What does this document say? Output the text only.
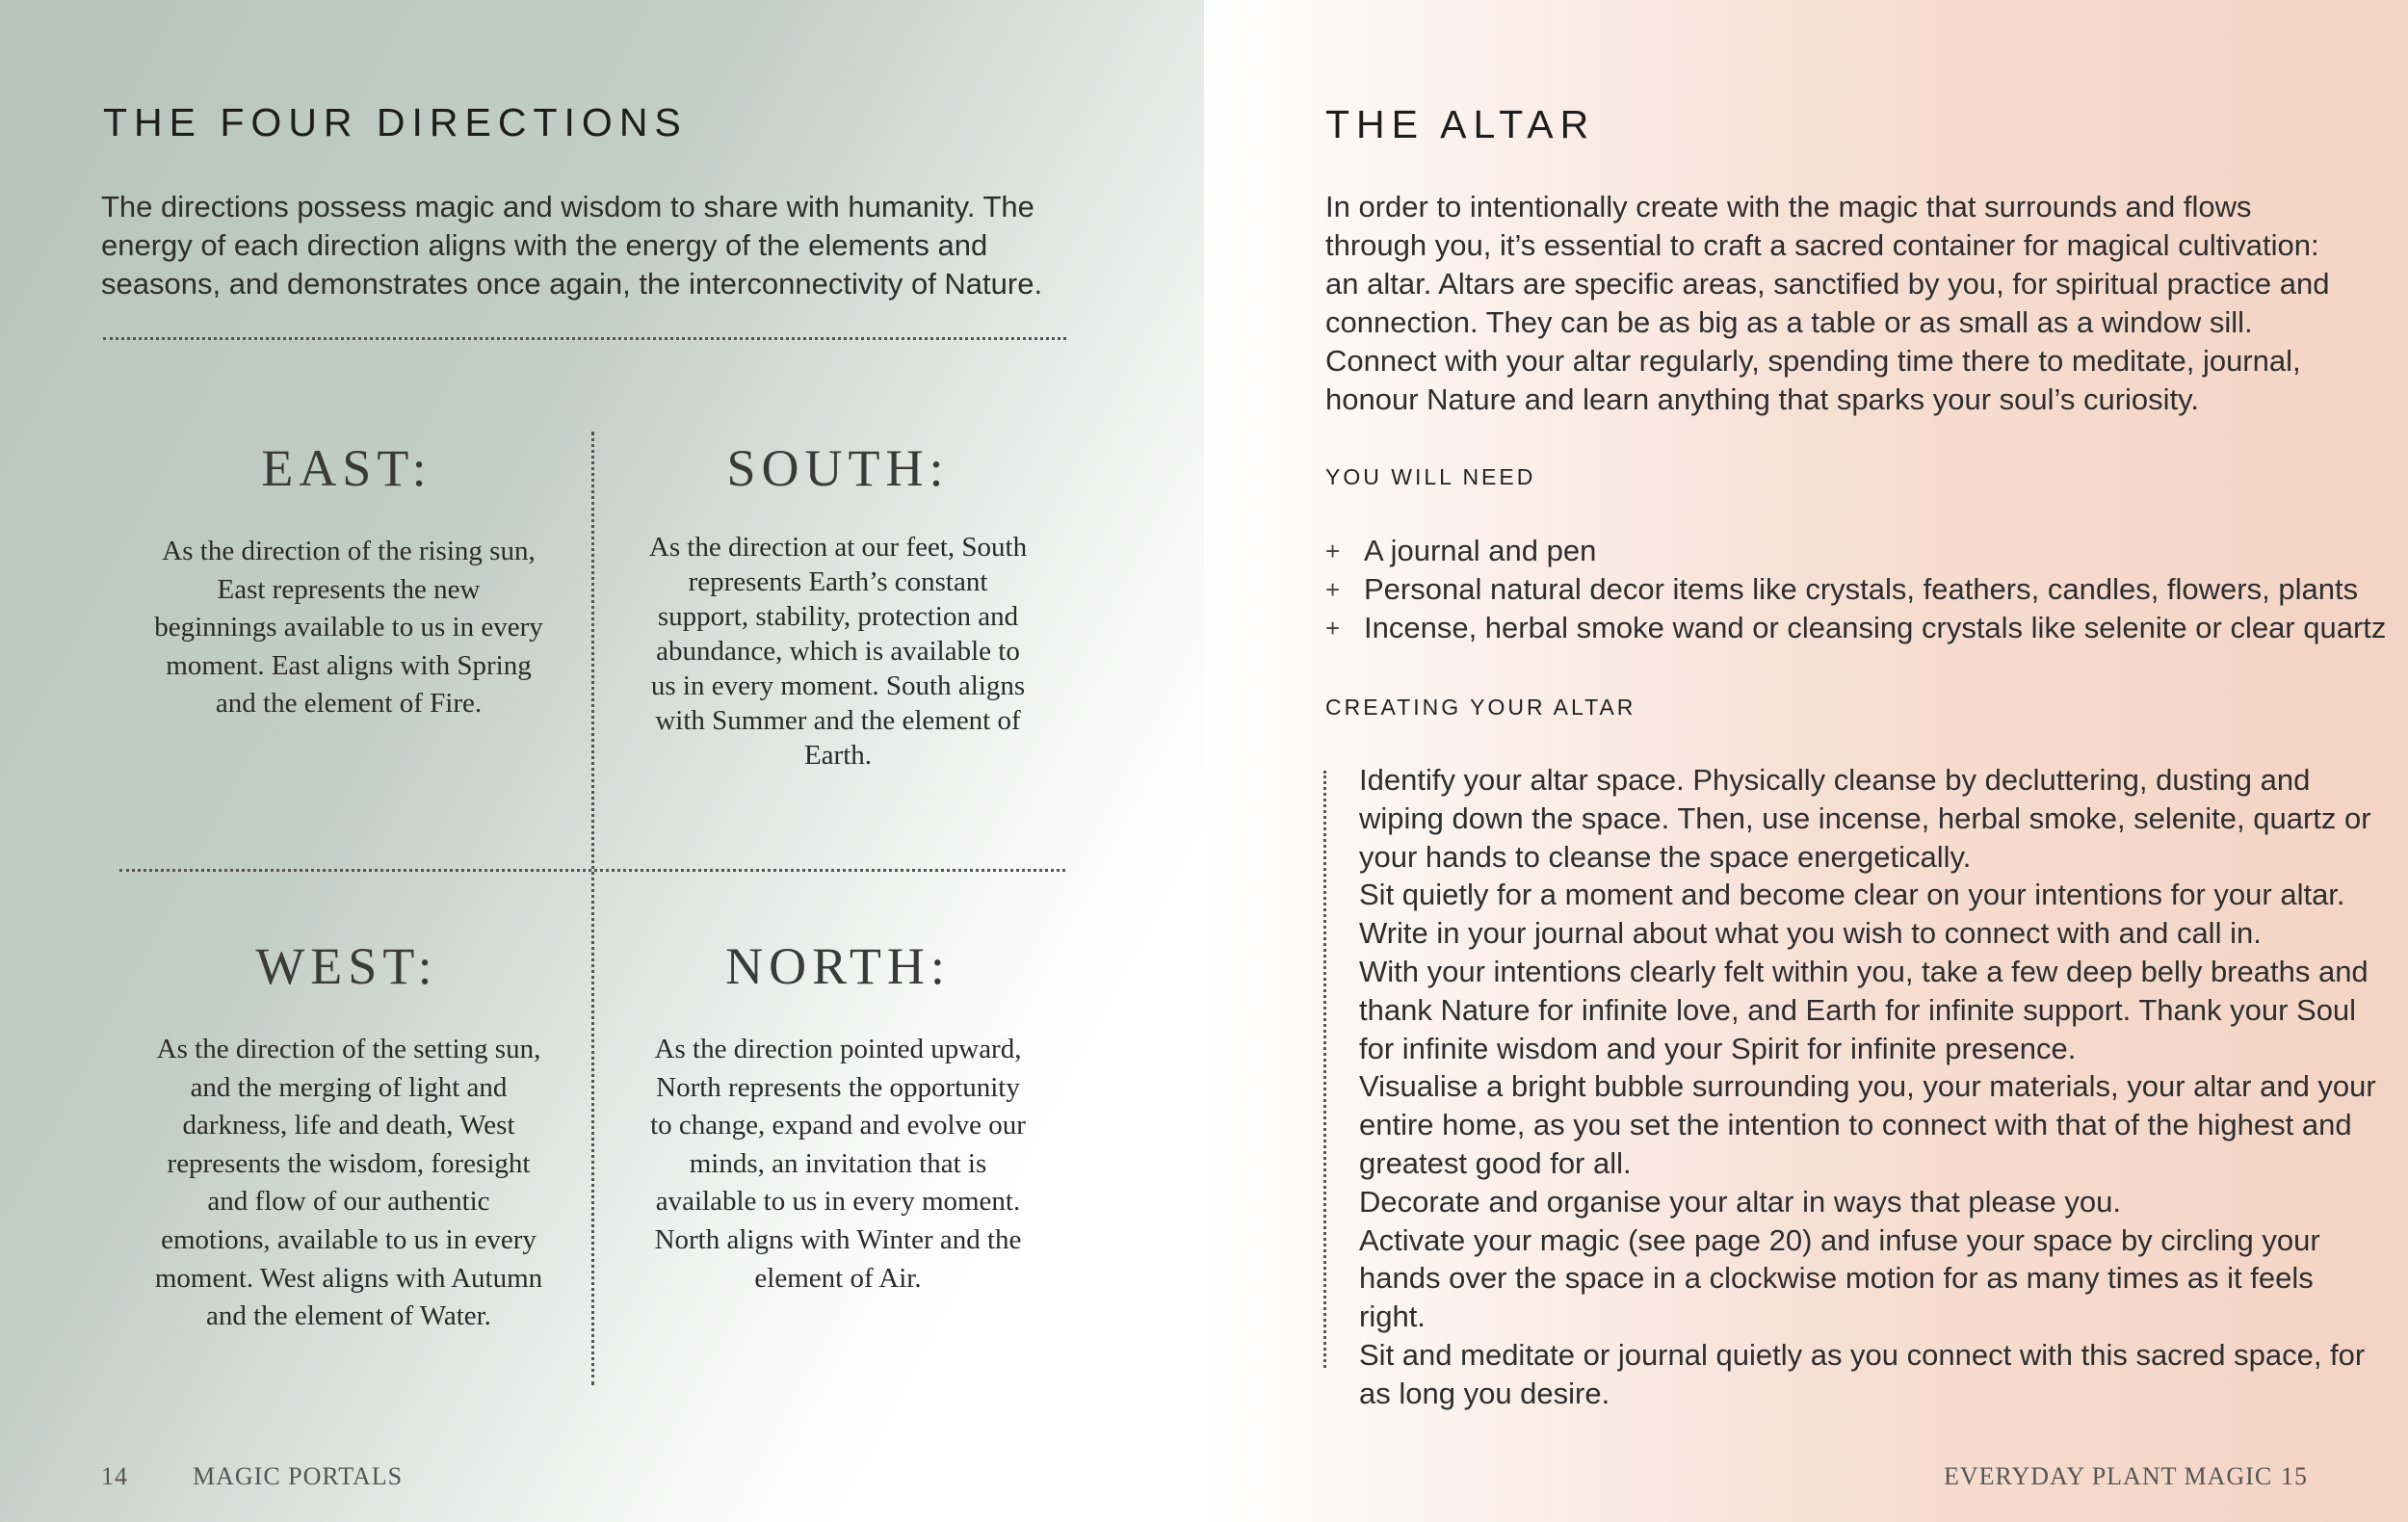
THE FOUR DIRECTIONS
The directions possess magic and wisdom to share with humanity. The energy of each direction aligns with the energy of the elements and seasons, and demonstrates once again, the interconnectivity of Nature.
EAST:
As the direction of the rising sun, East represents the new beginnings available to us in every moment. East aligns with Spring and the element of Fire.
SOUTH:
As the direction at our feet, South represents Earth’s constant support, stability, protection and abundance, which is available to us in every moment. South aligns with Summer and the element of Earth.
WEST:
As the direction of the setting sun, and the merging of light and darkness, life and death, West represents the wisdom, foresight and flow of our authentic emotions, available to us in every moment. West aligns with Autumn and the element of Water.
NORTH:
As the direction pointed upward, North represents the opportunity to change, expand and evolve our minds, an invitation that is available to us in every moment. North aligns with Winter and the element of Air.
14	MAGIC PORTALS
THE ALTAR
In order to intentionally create with the magic that surrounds and flows through you, it’s essential to craft a sacred container for magical cultivation: an altar. Altars are specific areas, sanctified by you, for spiritual practice and connection. They can be as big as a table or as small as a window sill. Connect with your altar regularly, spending time there to meditate, journal, honour Nature and learn anything that sparks your soul’s curiosity.
YOU WILL NEED
+ A journal and pen
+ Personal natural decor items like crystals, feathers, candles, flowers, plants
+ Incense, herbal smoke wand or cleansing crystals like selenite or clear quartz
CREATING YOUR ALTAR

Identify your altar space. Physically cleanse by decluttering, dusting and wiping down the space. Then, use incense, herbal smoke, selenite, quartz or your hands to cleanse the space energetically.

Sit quietly for a moment and become clear on your intentions for your altar. Write in your journal about what you wish to connect with and call in.

With your intentions clearly felt within you, take a few deep belly breaths and thank Nature for infinite love, and Earth for infinite support. Thank your Soul for infinite wisdom and your Spirit for infinite presence.

Visualise a bright bubble surrounding you, your materials, your altar and your entire home, as you set the intention to connect with that of the highest and greatest good for all.

Decorate and organise your altar in ways that please you.

Activate your magic (see page 20) and infuse your space by circling your hands over the space in a clockwise motion for as many times as it feels right.

Sit and meditate or journal quietly as you connect with this sacred space, for as long you desire.

EVERYDAY PLANT MAGIC 15
